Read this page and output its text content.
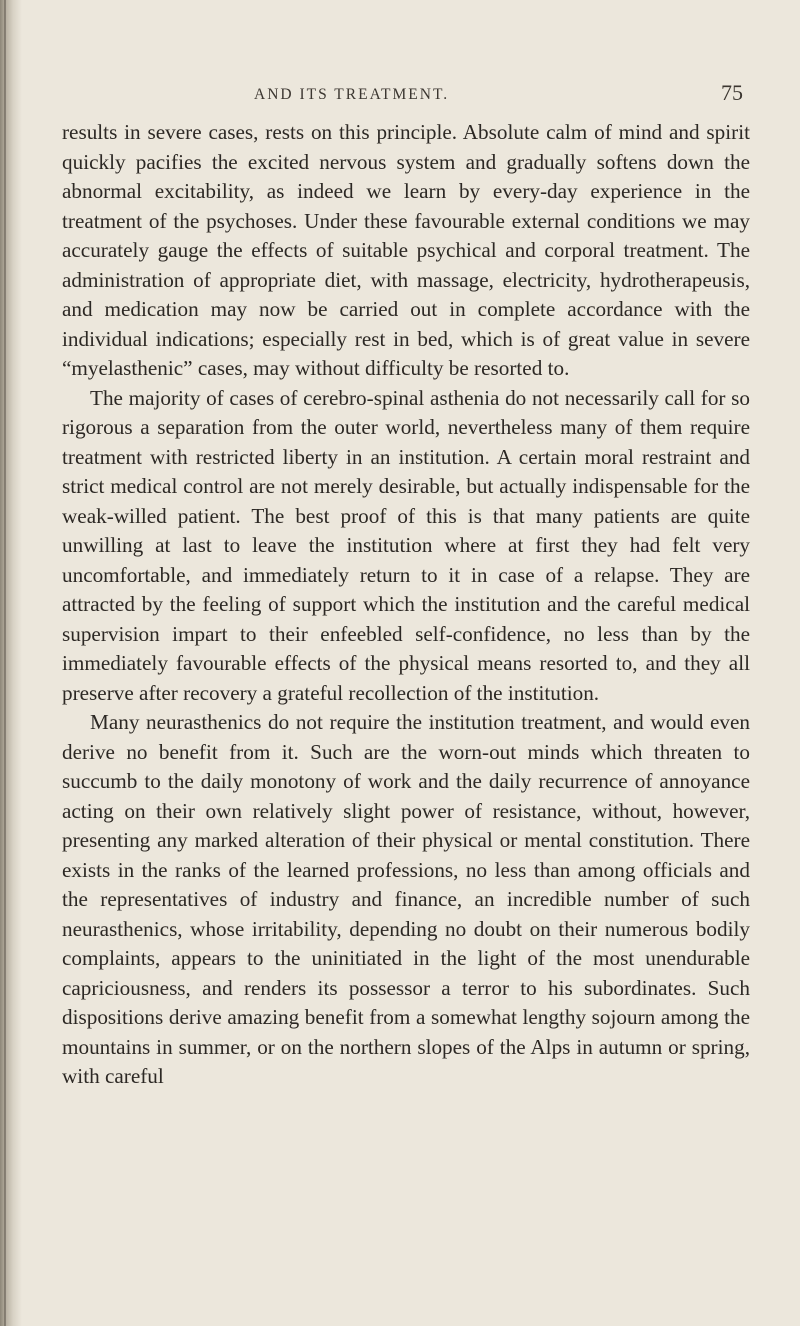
AND ITS TREATMENT.	75

results in severe cases, rests on this principle. Absolute calm of mind and spirit quickly pacifies the excited nervous system and gradually softens down the abnormal excitability, as indeed we learn by every-day experience in the treatment of the psychoses. Under these favourable external conditions we may accurately gauge the effects of suitable psychical and corporal treatment. The administration of appropriate diet, with massage, electricity, hydrotherapeusis, and medication may now be carried out in complete accordance with the individual indications; especially rest in bed, which is of great value in severe “myelasthenic” cases, may without difficulty be resorted to.

The majority of cases of cerebro-spinal asthenia do not necessarily call for so rigorous a separation from the outer world, nevertheless many of them require treatment with restricted liberty in an institution. A certain moral restraint and strict medical control are not merely desirable, but actually indispensable for the weak-willed patient. The best proof of this is that many patients are quite unwilling at last to leave the institution where at first they had felt very uncomfortable, and immediately return to it in case of a relapse. They are attracted by the feeling of support which the institution and the careful medical supervision impart to their enfeebled self-confidence, no less than by the immediately favourable effects of the physical means resorted to, and they all preserve after recovery a grateful recollection of the institution.

Many neurasthenics do not require the institution treatment, and would even derive no benefit from it. Such are the worn-out minds which threaten to succumb to the daily monotony of work and the daily recurrence of annoyance acting on their own relatively slight power of resistance, without, however, presenting any marked alteration of their physical or mental constitution. There exists in the ranks of the learned professions, no less than among officials and the representatives of industry and finance, an incredible number of such neurasthenics, whose irritability, depending no doubt on their numerous bodily complaints, appears to the uninitiated in the light of the most unendurable capriciousness, and renders its possessor a terror to his subordinates. Such dispositions derive amazing benefit from a somewhat lengthy sojourn among the mountains in summer, or on the northern slopes of the Alps in autumn or spring, with careful
